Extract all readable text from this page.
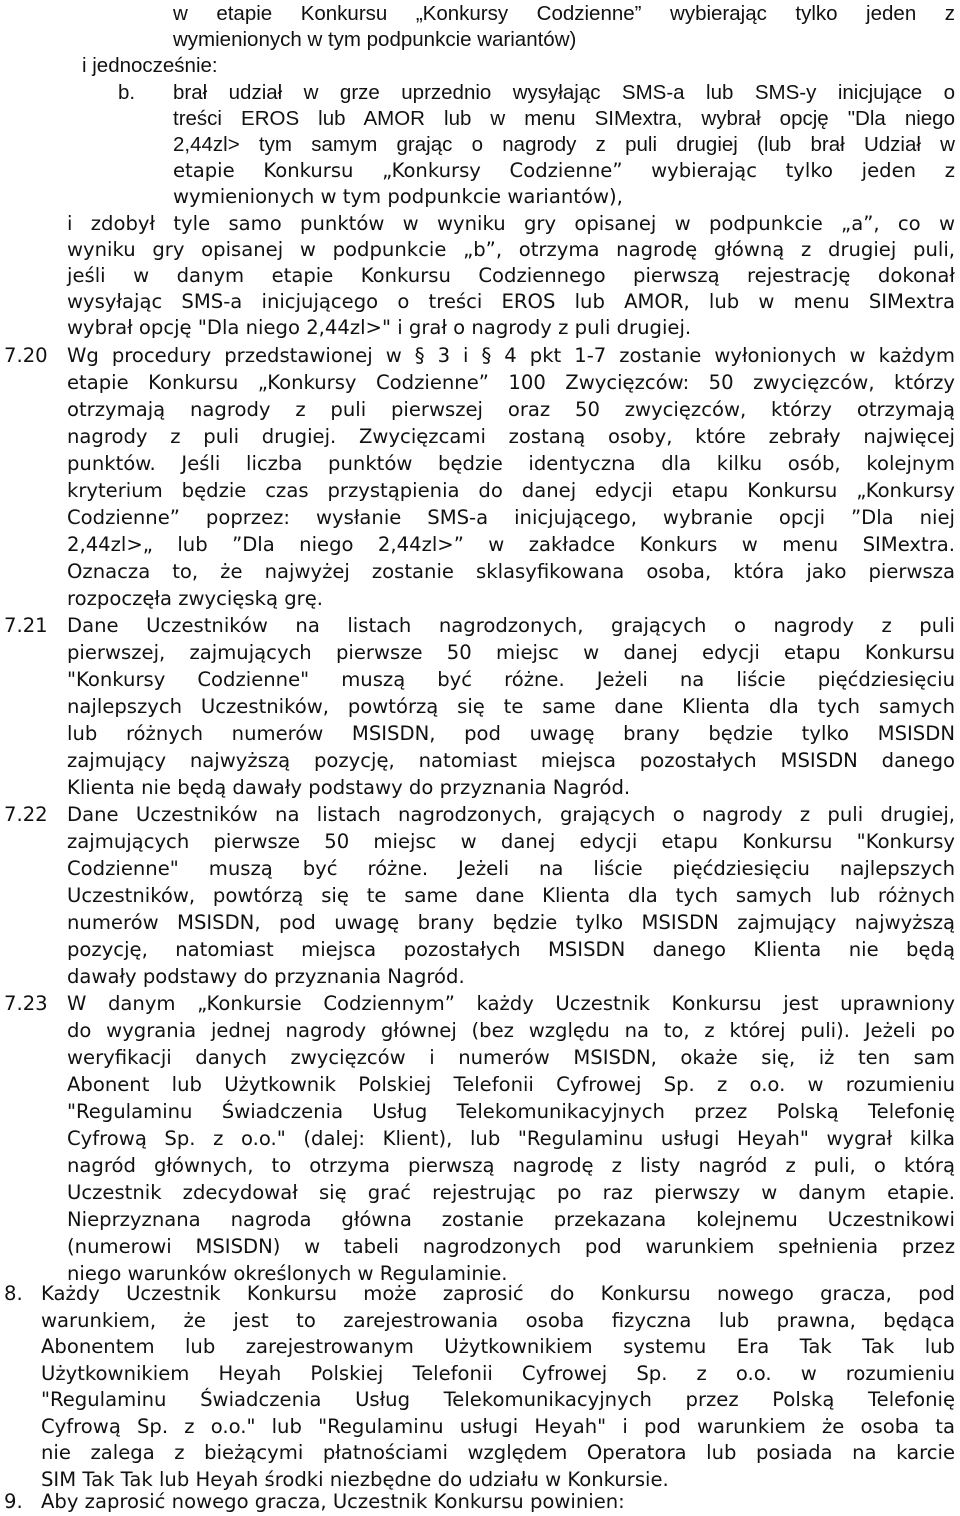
w etapie Konkursu „Konkursy Codzienne” wybierając tylko jeden z
wymienionych w tym podpunkcie wariantów)
i jednocześnie:
b. brał udział w grze uprzednio wysyłając SMS-a lub SMS-y inicjujące o
treści EROS lub AMOR lub w menu SIMextra, wybrał opcję "Dla niego
2,44zl> tym samym grając o nagrody z puli drugiej (lub brał Udział w
etapie Konkursu „Konkursy Codzienne” wybierając tylko jeden z
wymienionych w tym podpunkcie wariantów),
i zdobył tyle samo punktów w wyniku gry opisanej w podpunkcie „a”, co w
wyniku gry opisanej w podpunkcie „b”, otrzyma nagrodę główną z drugiej puli,
jeśli w danym etapie Konkursu Codziennego pierwszą rejestrację dokonał
wysyłając SMS-a inicjującego o treści EROS lub AMOR, lub w menu SIMextra
wybrał opcję "Dla niego 2,44zl>" i grał o nagrody z puli drugiej.
7.20 Wg procedury przedstawionej w § 3 i § 4 pkt 1-7 zostanie wyłonionych w każdym
etapie Konkursu „Konkursy Codzienne” 100 Zwycięzców: 50 zwycięzców, którzy
otrzymają nagrody z puli pierwszej oraz 50 zwycięzców, którzy otrzymają
nagrody z puli drugiej. Zwycięzcami zostaną osoby, które zebrały najwięcej
punktów. Jeśli liczba punktów będzie identyczna dla kilku osób, kolejnym
kryterium będzie czas przystąpienia do danej edycji etapu Konkursu „Konkursy
Codzienne” poprzez: wysłanie SMS-a inicjującego, wybranie opcji ”Dla niej
2,44zl>„ lub ”Dla niego 2,44zl>” w zakładce Konkurs w menu SIMextra.
Oznacza to, że najwyżej zostanie sklasyfikowana osoba, która jako pierwsza
rozpoczęła zwycięską grę.
7.21 Dane Uczestników na listach nagrodzonych, grających o nagrody z puli
pierwszej, zajmujących pierwsze 50 miejsc w danej edycji etapu Konkursu
"Konkursy Codzienne" muszą być różne. Jeżeli na liście pięćdziesięciu
najlepszych Uczestników, powtórzą się te same dane Klienta dla tych samych
lub różnych numerów MSISDN, pod uwagę brany będzie tylko MSISDN
zajmujący najwyższą pozycję, natomiast miejsca pozostałych MSISDN danego
Klienta nie będą dawały podstawy do przyznania Nagród.
7.22 Dane Uczestników na listach nagrodzonych, grających o nagrody z puli drugiej,
zajmujących pierwsze 50 miejsc w danej edycji etapu Konkursu "Konkursy
Codzienne" muszą być różne. Jeżeli na liście pięćdziesięciu najlepszych
Uczestników, powtórzą się te same dane Klienta dla tych samych lub różnych
numerów MSISDN, pod uwagę brany będzie tylko MSISDN zajmujący najwyższą
pozycję, natomiast miejsca pozostałych MSISDN danego Klienta nie będą
dawały podstawy do przyznania Nagród.
7.23 W danym „Konkursie Codziennym” każdy Uczestnik Konkursu jest uprawniony
do wygrania jednej nagrody głównej (bez względu na to, z której puli). Jeżeli po
weryfikacji danych zwycięzców i numerów MSISDN, okaże się, iż ten sam
Abonent lub Użytkownik Polskiej Telefonii Cyfrowej Sp. z o.o. w rozumieniu
"Regulaminu Świadczenia Usług Telekomunikacyjnych przez Polską Telefonię
Cyfrową Sp. z o.o." (dalej: Klient), lub "Regulaminu usługi Heyah" wygrał kilka
nagród głównych, to otrzyma pierwszą nagrodę z listy nagród z puli, o którą
Uczestnik zdecydował się grać rejestrując po raz pierwszy w danym etapie.
Nieprzyznana nagroda główna zostanie przekazana kolejnemu Uczestnikowi
(numerowi MSISDN) w tabeli nagrodzonych pod warunkiem spełnienia przez
niego warunków określonych w Regulaminie.
8. Każdy Uczestnik Konkursu może zaprosić do Konkursu nowego gracza, pod
warunkiem, że jest to zarejestrowania osoba fizyczna lub prawna, będąca
Abonentem lub zarejestrowanym Użytkownikiem systemu Era Tak Tak lub
Użytkownikiem Heyah Polskiej Telefonii Cyfrowej Sp. z o.o. w rozumieniu
"Regulaminu Świadczenia Usług Telekomunikacyjnych przez Polską Telefonię
Cyfrową Sp. z o.o." lub "Regulaminu usługi Heyah" i pod warunkiem że osoba ta
nie zalega z bieżącymi płatnościami względem Operatora lub posiada na karcie
SIM Tak Tak lub Heyah środki niezbędne do udziału w Konkursie.
9. Aby zaprosić nowego gracza, Uczestnik Konkursu powinien:
